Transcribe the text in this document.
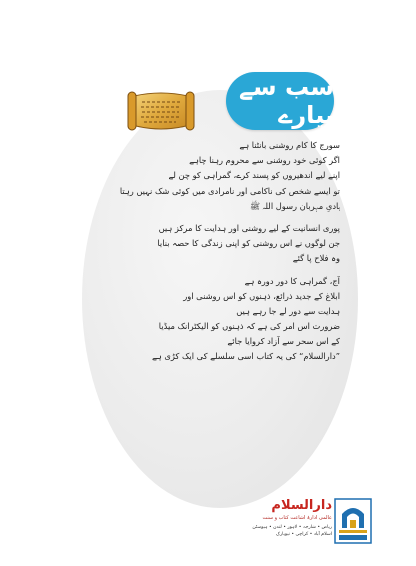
سب سے پیارے
سورج کا کام روشنی بانٹنا ہے
اگر کوئی خود روشنی سے محروم رہنا چاہے
اپنے لیے اندھیروں کو پسند کرے، گمراہی کو چن لے
تو ایسے شخص کی ناکامی اور نامرادی میں کوئی شک نہیں رہتا
ہادیِ مہربان رسول اللہ ﷺ
پوری انسانیت کے لیے روشنی اور ہدایت کا مرکز ہیں
جن لوگوں نے اس روشنی کو اپنی زندگی کا حصہ بنایا
وہ فلاح پا گئے
آج، گمراہی کا دور دورہ ہے
ابلاغ کے جدید ذرائع، ذہنوں کو اس روشنی اور
ہدایت سے دور لے جا رہے ہیں
ضرورت اس امر کی ہے کہ ذہنوں کو الیکٹرانک میڈیا
کے اس سحر سے آزاد کروایا جائے
”دارالسلام“ کی یہ کتاب اسی سلسلے کی ایک کڑی ہے
دارالسلام
عالمی ادارۂ اشاعت کتاب و سنت
ریاض • شارجہ • لاہور • لندن • ہیوسٹن
اسلام آباد • کراچی • نیویارک
